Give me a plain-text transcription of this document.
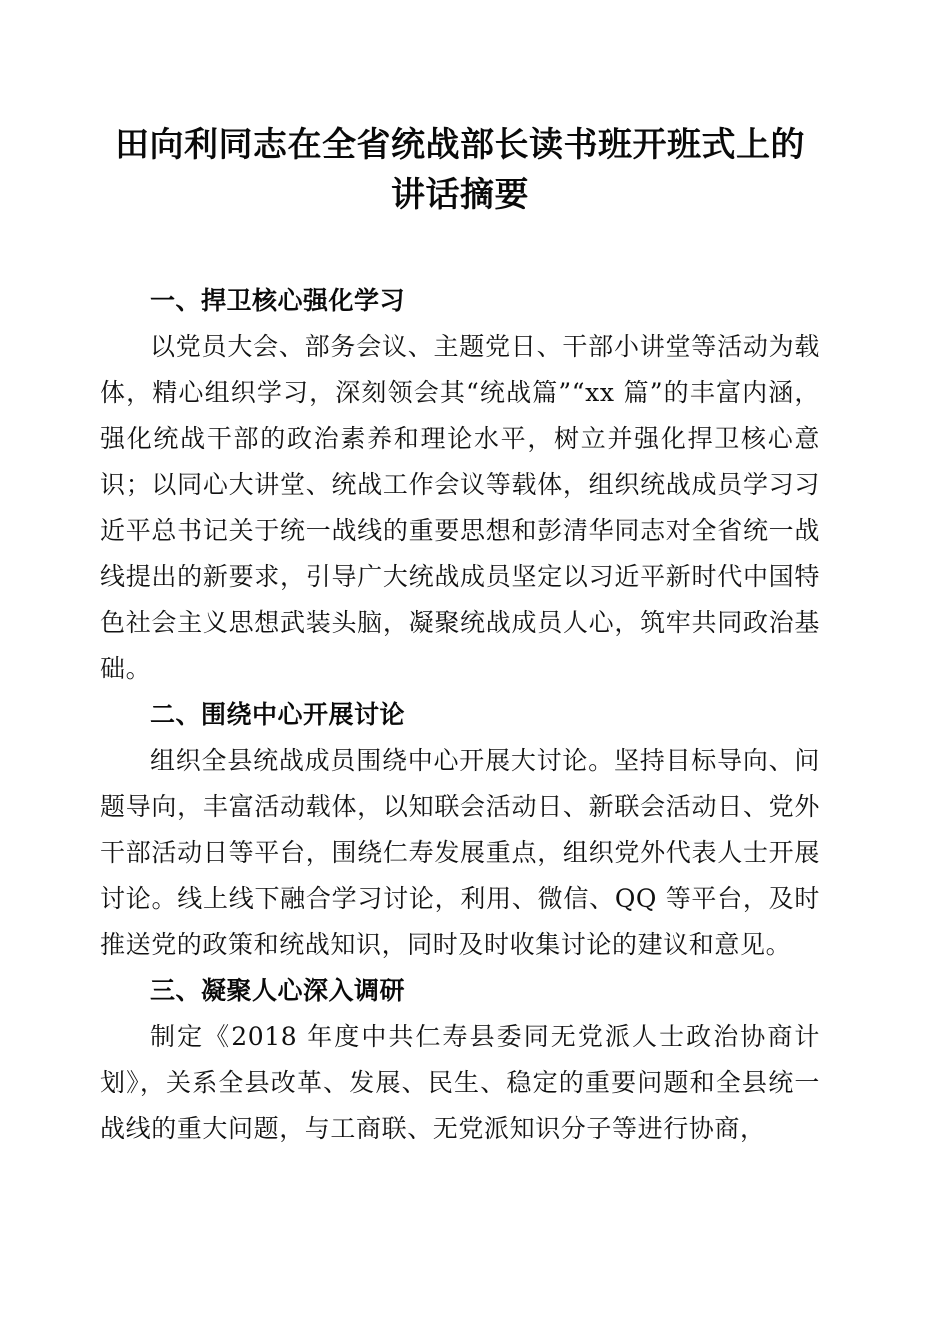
田向利同志在全省统战部长读书班开班式上的讲话摘要
一、捍卫核心强化学习

以党员大会、部务会议、主题党日、干部小讲堂等活动为载体，精心组织学习，深刻领会其“统战篇”“xx 篇”的丰富内涵，强化统战干部的政治素养和理论水平，树立并强化捍卫核心意识；以同心大讲堂、统战工作会议等载体，组织统战成员学习习近平总书记关于统一战线的重要思想和彭清华同志对全省统一战线提出的新要求，引导广大统战成员坚定以习近平新时代中国特色社会主义思想武装头脑，凝聚统战成员人心，筑牢共同政治基础。

二、围绕中心开展讨论

组织全县统战成员围绕中心开展大讨论。坚持目标导向、问题导向，丰富活动载体，以知联会活动日、新联会活动日、党外干部活动日等平台，围绕仁寿发展重点，组织党外代表人士开展讨论。线上线下融合学习讨论，利用、微信、QQ 等平台，及时推送党的政策和统战知识，同时及时收集讨论的建议和意见。

三、凝聚人心深入调研

制定《2018 年度中共仁寿县委同无党派人士政治协商计划》，关系全县改革、发展、民生、稳定的重要问题和全县统一战线的重大问题，与工商联、无党派知识分子等进行协商，
